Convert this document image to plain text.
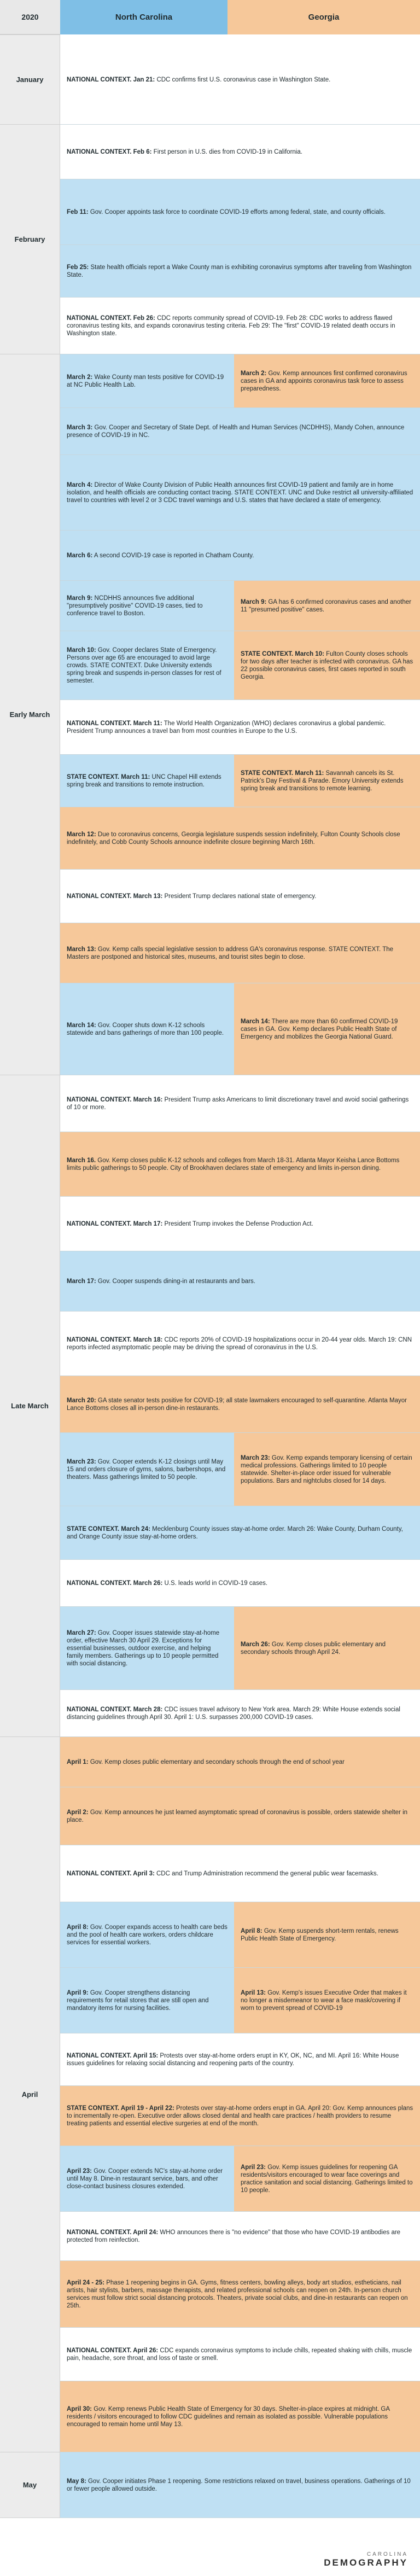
2020	North Carolina	Georgia
January
February
Early March
Late March
April
May
NATIONAL CONTEXT. Jan 21: CDC confirms first U.S. coronavirus case in Washington State.
NATIONAL CONTEXT. Feb 6: First person in U.S. dies from COVID-19 in California.
Feb 11: Gov. Cooper appoints task force to coordinate COVID-19 efforts among federal, state, and county officials.
Feb 25: State health officials report a Wake County man is exhibiting coronavirus symptoms after traveling from Washington State.
NATIONAL CONTEXT. Feb 26: CDC reports community spread of COVID-19. Feb 28: CDC works to address flawed coronavirus testing kits, and expands coronavirus testing criteria. Feb 29: The "first" COVID-19 related death occurs in Washington state.
March 2: Wake County man tests positive for COVID-19 at NC Public Health Lab.
March 2: Gov. Kemp announces first confirmed coronavirus cases in GA and appoints coronavirus task force to assess preparedness.
March 3: Gov. Cooper and Secretary of State Dept. of Health and Human Services (NCDHHS), Mandy Cohen, announce presence of COVID-19 in NC.
March 4: Director of Wake County Division of Public Health announces first COVID-19 patient and family are in home isolation, and health officials are conducting contact tracing. STATE CONTEXT. UNC and Duke restrict all university-affiliated travel to countries with level 2 or 3 CDC travel warnings and U.S. states that have declared a state of emergency.
March 6: A second COVID-19 case is reported in Chatham County.
March 9: NCDHHS announces five additional "presumptively positive" COVID-19 cases, tied to conference travel to Boston.
March 9: GA has 6 confirmed coronavirus cases and another 11 "presumed positive" cases.
March 10: Gov. Cooper declares State of Emergency. Persons over age 65 are encouraged to avoid large crowds. STATE CONTEXT. Duke University extends spring break and suspends in-person classes for rest of semester.
STATE CONTEXT. March 10: Fulton County closes schools for two days after teacher is infected with coronavirus. GA has 22 possible coronavirus cases, first cases reported in south Georgia.
NATIONAL CONTEXT. March 11: The World Health Organization (WHO) declares coronavirus a global pandemic. President Trump announces a travel ban from most countries in Europe to the U.S.
STATE CONTEXT. March 11: UNC Chapel Hill extends spring break and transitions to remote instruction.
STATE CONTEXT. March 11: Savannah cancels its St. Patrick's Day Festival & Parade. Emory University extends spring break and transitions to remote learning.
March 12: Due to coronavirus concerns, Georgia legislature suspends session indefinitely, Fulton County Schools close indefinitely, and Cobb County Schools announce indefinite closure beginning March 16th.
NATIONAL CONTEXT. March 13: President Trump declares national state of emergency.
March 13: Gov. Kemp calls special legislative session to address GA's coronavirus response. STATE CONTEXT. The Masters are postponed and historical sites, museums, and tourist sites begin to close.
March 14: Gov. Cooper shuts down K-12 schools statewide and bans gatherings of more than 100 people.
March 14: There are more than 60 confirmed COVID-19 cases in GA. Gov. Kemp declares Public Health State of Emergency and mobilizes the Georgia National Guard.
NATIONAL CONTEXT. March 16: President Trump asks Americans to limit discretionary travel and avoid social gatherings of 10 or more.
March 16. Gov. Kemp closes public K-12 schools and colleges from March 18-31. Atlanta Mayor Keisha Lance Bottoms limits public gatherings to 50 people. City of Brookhaven declares state of emergency and limits in-person dining.
NATIONAL CONTEXT. March 17: President Trump invokes the Defense Production Act.
March 17: Gov. Cooper suspends dining-in at restaurants and bars.
NATIONAL CONTEXT. March 18: CDC reports 20% of COVID-19 hospitalizations occur in 20-44 year olds. March 19: CNN reports infected asymptomatic people may be driving the spread of coronavirus in the U.S.
March 20: GA state senator tests positive for COVID-19; all state lawmakers encouraged to self-quarantine. Atlanta Mayor Lance Bottoms closes all in-person dine-in restaurants.
March 23: Gov. Cooper extends K-12 closings until May 15 and orders closure of gyms, salons, barbershops, and theaters. Mass gatherings limited to 50 people.
March 23: Gov. Kemp expands temporary licensing of certain medical professions. Gatherings limited to 10 people statewide. Shelter-in-place order issued for vulnerable populations. Bars and nightclubs closed for 14 days.
STATE CONTEXT. March 24: Mecklenburg County issues stay-at-home order. March 26: Wake County, Durham County, and Orange County issue stay-at-home orders.
NATIONAL CONTEXT. March 26: U.S. leads world in COVID-19 cases.
March 27: Gov. Cooper issues statewide stay-at-home order, effective March 30 April 29. Exceptions for essential businesses, outdoor exercise, and helping family members. Gatherings up to 10 people permitted with social distancing.
March 26: Gov. Kemp closes public elementary and secondary schools through April 24.
NATIONAL CONTEXT. March 28: CDC issues travel advisory to New York area. March 29: White House extends social distancing guidelines through April 30. April 1: U.S. surpasses 200,000 COVID-19 cases.
April 1: Gov. Kemp closes public elementary and secondary schools through the end of school year
April 2: Gov. Kemp announces he just learned asymptomatic spread of coronavirus is possible, orders statewide shelter in place.
NATIONAL CONTEXT. April 3: CDC and Trump Administration recommend the general public wear facemasks.
April 8: Gov. Cooper expands access to health care beds and the pool of health care workers, orders childcare services for essential workers.
April 8: Gov. Kemp suspends short-term rentals, renews Public Health State of Emergency.
April 9: Gov. Cooper strengthens distancing requirements for retail stores that are still open and mandatory items for nursing facilities.
April 13: Gov. Kemp's issues Executive Order that makes it no longer a misdemeanor to wear a face mask/covering if worn to prevent spread of COVID-19
NATIONAL CONTEXT. April 15: Protests over stay-at-home orders erupt in KY, OK, NC, and MI. April 16: White House issues guidelines for relaxing social distancing and reopening parts of the country.
STATE CONTEXT. April 19 - April 22: Protests over stay-at-home orders erupt in GA. April 20: Gov. Kemp announces plans to incrementally re-open. Executive order allows closed dental and health care practices / health providers to resume treating patients and essential elective surgeries at end of the month.
April 23: Gov. Cooper extends NC's stay-at-home order until May 8. Dine-in restaurant service, bars, and other close-contact business closures extended.
April 23: Gov. Kemp issues guidelines for reopening GA residents/visitors encouraged to wear face coverings and practice sanitation and social distancing. Gatherings limited to 10 people.
NATIONAL CONTEXT. April 24: WHO announces there is "no evidence" that those who have COVID-19 antibodies are protected from reinfection.
April 24 - 25: Phase 1 reopening begins in GA. Gyms, fitness centers, bowling alleys, body art studios, estheticians, nail artists, hair stylists, barbers, massage therapists, and related professional schools can reopen on 24th. In-person church services must follow strict social distancing protocols. Theaters, private social clubs, and dine-in restaurants can reopen on 25th.
NATIONAL CONTEXT. April 26: CDC expands coronavirus symptoms to include chills, repeated shaking with chills, muscle pain, headache, sore throat, and loss of taste or smell.
April 30: Gov. Kemp renews Public Health State of Emergency for 30 days. Shelter-in-place expires at midnight. GA residents / visitors encouraged to follow CDC guidelines and remain as isolated as possible. Vulnerable populations encouraged to remain home until May 13.
May 8: Gov. Cooper initiates Phase 1 reopening. Some restrictions relaxed on travel, business operations. Gatherings of 10 or fewer people allowed outside.
CAROLINA
DEMOGRAPHY
